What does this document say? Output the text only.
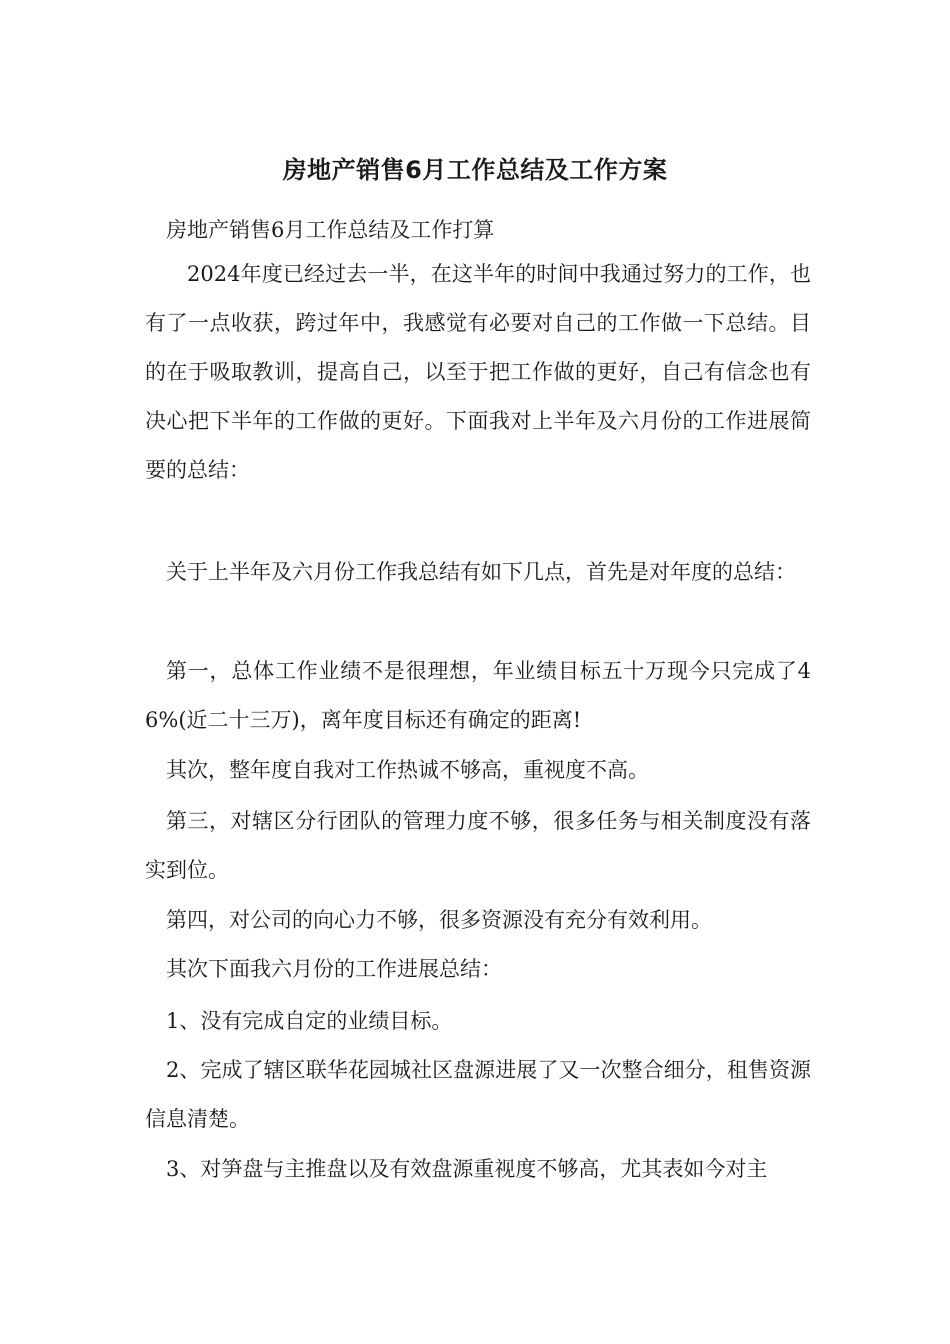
房地产销售6月工作总结及工作方案

房地产销售6月工作总结及工作打算

2024年度已经过去一半，在这半年的时间中我通过努力的工作，也有了一点收获，跨过年中，我感觉有必要对自己的工作做一下总结。目的在于吸取教训，提高自己，以至于把工作做的更好，自己有信念也有决心把下半年的工作做的更好。下面我对上半年及六月份的工作进展简要的总结：

关于上半年及六月份工作我总结有如下几点，首先是对年度的总结：

第一，总体工作业绩不是很理想，年业绩目标五十万现今只完成了46%(近二十三万)，离年度目标还有确定的距离!

其次，整年度自我对工作热诚不够高，重视度不高。

第三，对辖区分行团队的管理力度不够，很多任务与相关制度没有落实到位。

第四，对公司的向心力不够，很多资源没有充分有效利用。

其次下面我六月份的工作进展总结：

1、没有完成自定的业绩目标。

2、完成了辖区联华花园城社区盘源进展了又一次整合细分，租售资源信息清楚。

3、对笋盘与主推盘以及有效盘源重视度不够高，尤其表如今对主
